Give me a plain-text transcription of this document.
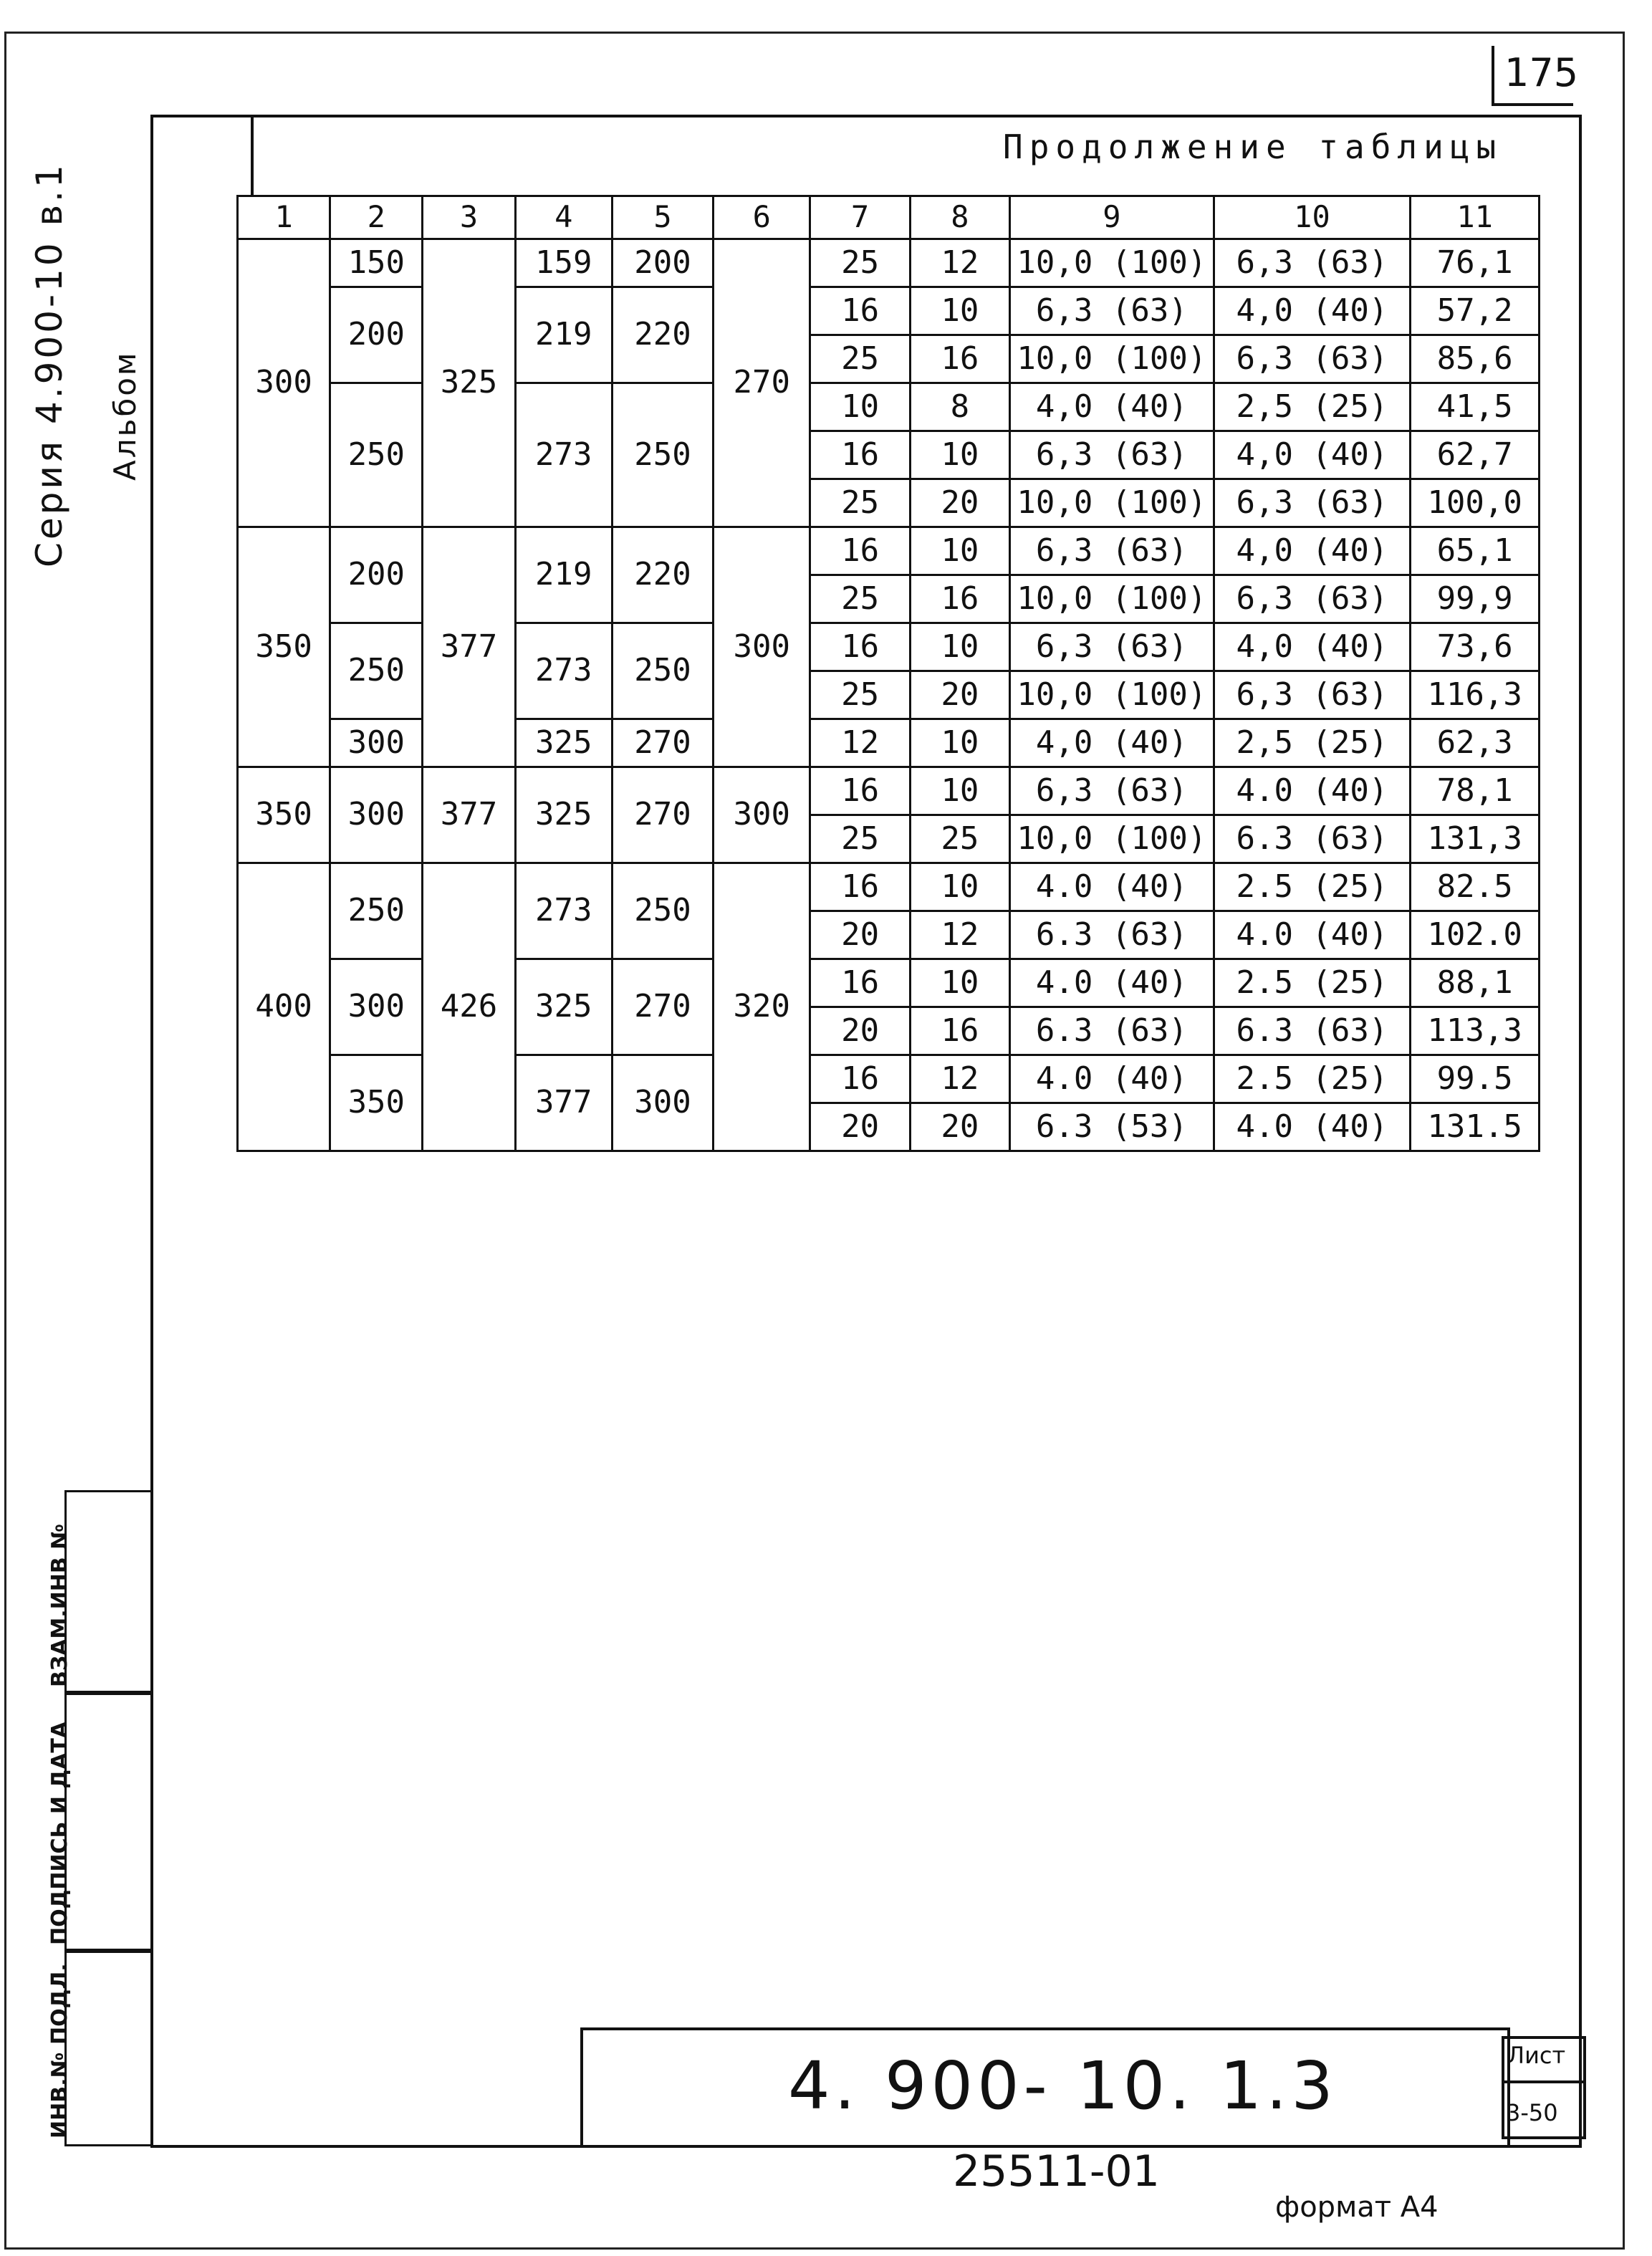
175
Серия 4.900-10 в.1 Альбом
Продолжение таблицы
1	2	3	4	5	6	7	8	9	10	11
300	150	325	159	200	270	25	12	10,0 (100)	6,3 (63)	76,1
	200		219	220		16	10	6,3 (63)	4,0 (40)	57,2
						25	16	10,0 (100)	6,3 (63)	85,6
	250		273	250		10	8	4,0 (40)	2,5 (25)	41,5
						16	10	6,3 (63)	4,0 (40)	62,7
						25	20	10,0 (100)	6,3 (63)	100,0
350	200	377	219	220	300	16	10	6,3 (63)	4,0 (40)	65,1
						25	16	10,0 (100)	6,3 (63)	99,9
	250		273	250		16	10	6,3 (63)	4,0 (40)	73,6
						25	20	10,0 (100)	6,3 (63)	116,3
	300		325	270		12	10	4,0 (40)	2,5 (25)	62,3
350	300	377	325	270	300	16	10	6,3 (63)	4.0 (40)	78,1
						25	25	10,0 (100)	6.3 (63)	131,3
400	250	426	273	250	320	16	10	4.0 (40)	2.5 (25)	82.5
						20	12	6.3 (63)	4.0 (40)	102.0
	300		325	270		16	10	4.0 (40)	2.5 (25)	88,1
						20	16	6.3 (63)	6.3 (63)	113,3
	350		377	300		16	12	4.0 (40)	2.5 (25)	99.5
						20	20	6.3 (53)	4.0 (40)	131.5
ВЗАМ.ИНВ №
ПОДПИСЬ И ДАТА
ИНВ.№ ПОДЛ.	4. 900- 10. 1.3	Лист
3-50
25511-01
формат А4
